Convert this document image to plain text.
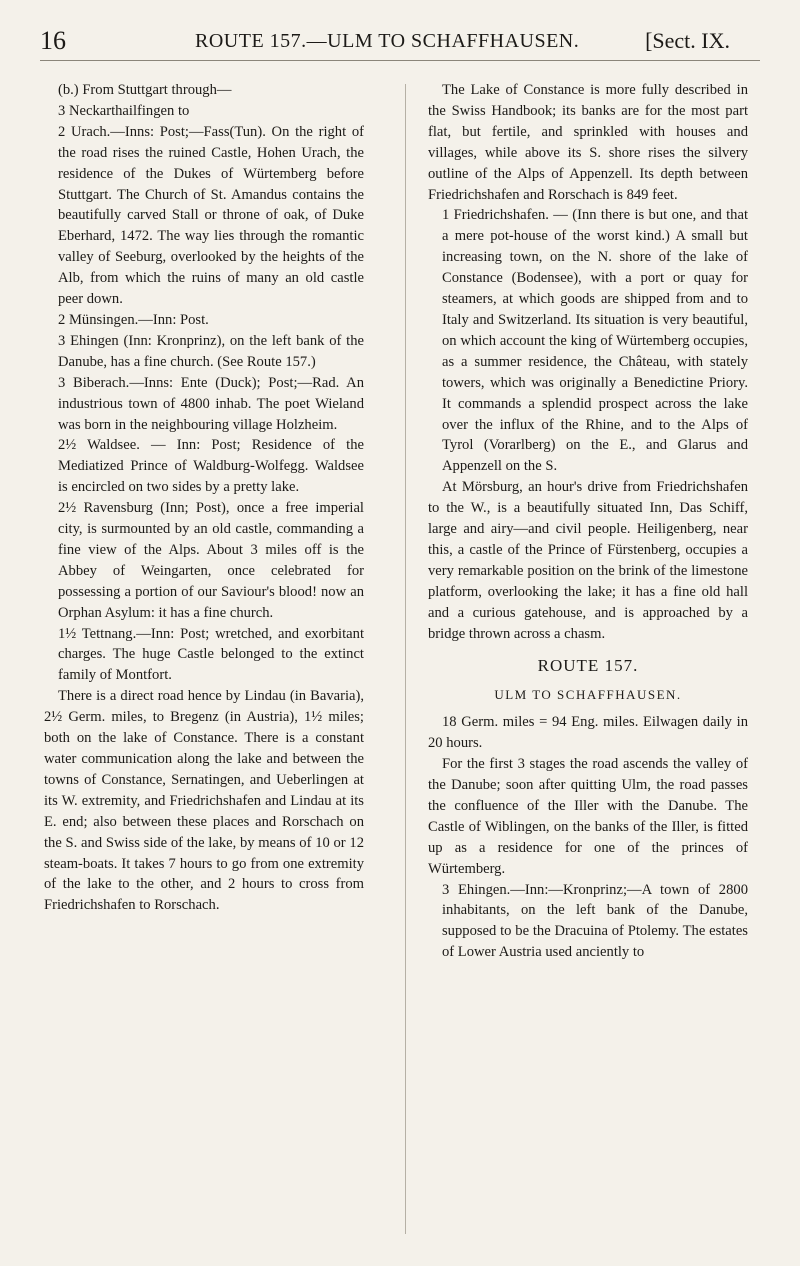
16	ROUTE 157.—ULM TO SCHAFFHAUSEN.	[Sect. IX.

(b.) From Stuttgart through—

3 Neckarthailfingen to

2 Urach.—Inns: Post;—Fass(Tun). On the right of the road rises the ruined Castle, Hohen Urach, the residence of the Dukes of Würtemberg before Stuttgart. The Church of St. Amandus contains the beautifully carved Stall or throne of oak, of Duke Eberhard, 1472. The way lies through the romantic valley of Seeburg, overlooked by the heights of the Alb, from which the ruins of many an old castle peer down.

2 Münsingen.—Inn: Post.

3 Ehingen (Inn: Kronprinz), on the left bank of the Danube, has a fine church. (See Route 157.)

3 Biberach.—Inns: Ente (Duck); Post;—Rad. An industrious town of 4800 inhab. The poet Wieland was born in the neighbouring village Holzheim.

2½ Waldsee. — Inn: Post; Residence of the Mediatized Prince of Waldburg-Wolfegg. Waldsee is encircled on two sides by a pretty lake.

2½ Ravensburg (Inn; Post), once a free imperial city, is surmounted by an old castle, commanding a fine view of the Alps. About 3 miles off is the Abbey of Weingarten, once celebrated for possessing a portion of our Saviour's blood! now an Orphan Asylum: it has a fine church.

1½ Tettnang.—Inn: Post; wretched, and exorbitant charges. The huge Castle belonged to the extinct family of Montfort.

There is a direct road hence by Lindau (in Bavaria), 2½ Germ. miles, to Bregenz (in Austria), 1½ miles; both on the lake of Constance. There is a constant water communication along the lake and between the towns of Constance, Sernatingen, and Ueberlingen at its W. extremity, and Friedrichshafen and Lindau at its E. end; also between these places and Rorschach on the S. and Swiss side of the lake, by means of 10 or 12 steam-boats. It takes 7 hours to go from one extremity of the lake to the other, and 2 hours to cross from Friedrichshafen to Rorschach.

The Lake of Constance is more fully described in the Swiss Handbook; its banks are for the most part flat, but fertile, and sprinkled with houses and villages, while above its S. shore rises the silvery outline of the Alps of Appenzell. Its depth between Friedrichshafen and Rorschach is 849 feet.

1 Friedrichshafen. — (Inn there is but one, and that a mere pot-house of the worst kind.) A small but increasing town, on the N. shore of the lake of Constance (Bodensee), with a port or quay for steamers, at which goods are shipped from and to Italy and Switzerland. Its situation is very beautiful, on which account the king of Würtemberg occupies, as a summer residence, the Château, with stately towers, which was originally a Benedictine Priory. It commands a splendid prospect across the lake over the influx of the Rhine, and to the Alps of Tyrol (Vorarlberg) on the E., and Glarus and Appenzell on the S.

At Mörsburg, an hour's drive from Friedrichshafen to the W., is a beautifully situated Inn, Das Schiff, large and airy—and civil people. Heiligenberg, near this, a castle of the Prince of Fürstenberg, occupies a very remarkable position on the brink of the limestone platform, overlooking the lake; it has a fine old hall and a curious gatehouse, and is approached by a bridge thrown across a chasm.

ROUTE 157.

ULM TO SCHAFFHAUSEN.

18 Germ. miles = 94 Eng. miles. Eilwagen daily in 20 hours.

For the first 3 stages the road ascends the valley of the Danube; soon after quitting Ulm, the road passes the confluence of the Iller with the Danube. The Castle of Wiblingen, on the banks of the Iller, is fitted up as a residence for one of the princes of Würtemberg.

3 Ehingen.—Inn:—Kronprinz;—A town of 2800 inhabitants, on the left bank of the Danube, supposed to be the Dracuina of Ptolemy. The estates of Lower Austria used anciently to
